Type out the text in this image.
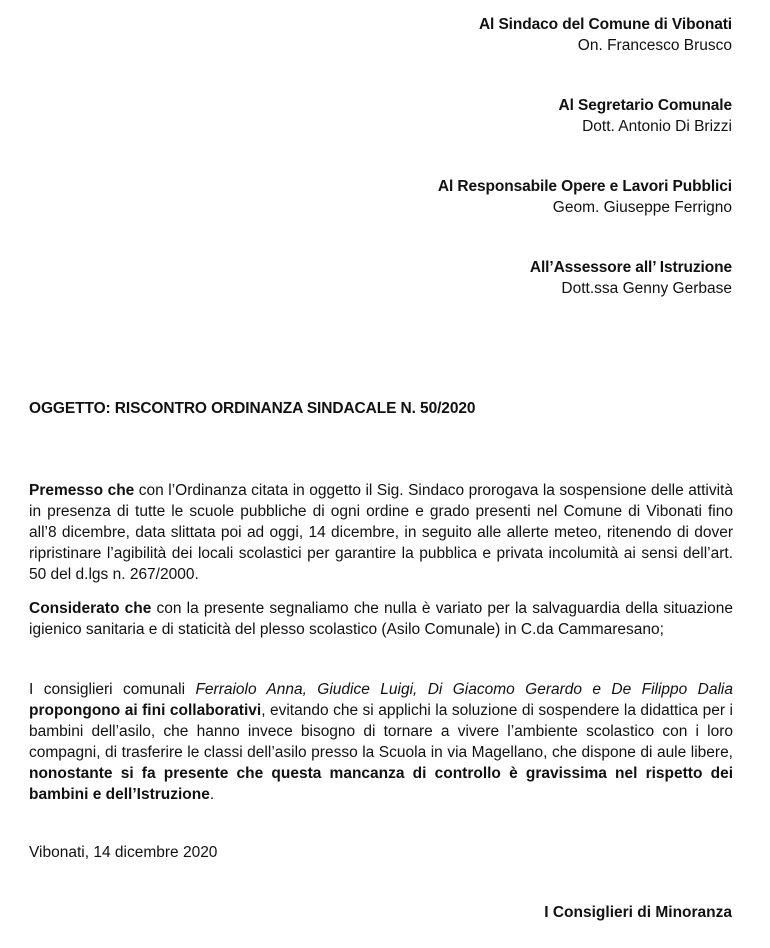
Al Sindaco del Comune di Vibonati
On. Francesco Brusco
Al Segretario Comunale
Dott. Antonio Di Brizzi
Al Responsabile Opere e Lavori Pubblici
Geom. Giuseppe Ferrigno
All’Assessore all’ Istruzione
Dott.ssa Genny Gerbase
OGGETTO: RISCONTRO ORDINANZA SINDACALE N. 50/2020
Premesso che con l’Ordinanza citata in oggetto il Sig. Sindaco prorogava la sospensione delle attività in presenza di tutte le scuole pubbliche di ogni ordine e grado presenti nel Comune di Vibonati fino all’8 dicembre, data slittata poi ad oggi, 14 dicembre, in seguito alle allerte meteo, ritenendo di dover ripristinare l’agibilità dei locali scolastici per garantire la pubblica e privata incolumità ai sensi dell’art. 50 del d.lgs n. 267/2000.
Considerato che con la presente segnaliamo che nulla è variato per la salvaguardia della situazione igienico sanitaria e di staticità del plesso scolastico (Asilo Comunale) in C.da Cammaresano;
I consiglieri comunali Ferraiolo Anna, Giudice Luigi, Di Giacomo Gerardo e De Filippo Dalia propongono ai fini collaborativi, evitando che si applichi la soluzione di sospendere la didattica per i bambini dell’asilo, che hanno invece bisogno di tornare a vivere l’ambiente scolastico con i loro compagni, di trasferire le classi dell’asilo presso la Scuola in via Magellano, che dispone di aule libere, nonostante si fa presente che questa mancanza di controllo è gravissima nel rispetto dei bambini e dell’Istruzione.
Vibonati, 14 dicembre 2020
I Consiglieri di Minoranza
